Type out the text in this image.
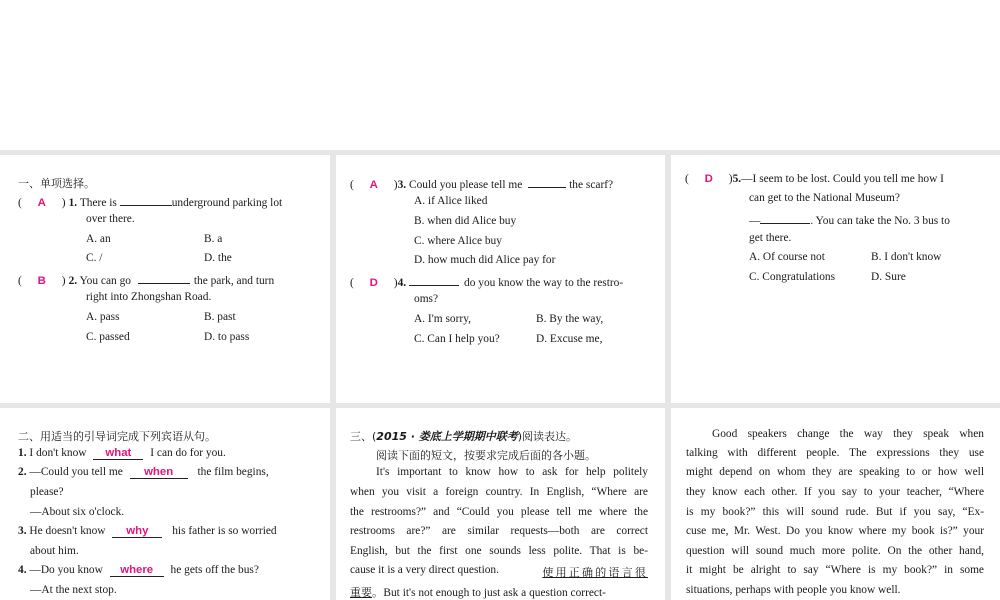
一、单项选择。
( A ) 1. There is	underground parking lot
over there.
A. an	B. a
C. /	D. the
( B ) 2. You can go	the park, and turn
right into Zhongshan Road.
A. pass	B. past
C. passed	D. to pass
( A )3. Could you please tell me	the scarf?
A. if Alice liked
B. when did Alice buy
C. where Alice buy
D. how much did Alice pay for
( D )4.	do you know the way to the restro-
oms?
A. I'm sorry,	B. By the way,
C. Can I help you?	D. Excuse me,
( D )5.—I seem to be lost. Could you tell me how I
can get to the National Museum?
—	. You can take the No. 3 bus to
get there.
A. Of course not	B. I don't know
C. Congratulations	D. Sure
二、用适当的引导词完成下列宾语从句。
1. I don't know what I can do for you.
2. —Could you tell me when the film begins,
please?
—About six o'clock.
3. He doesn't know why his father is so worried
about him.
4. —Do you know where he gets off the bus?
—At the next stop.
三、(2015 · 娄底上学期期中联考)阅读表达。
阅读下面的短文，按要求完成后面的各小题。
It's important to know how to ask for help politely
when you visit a foreign country. In English, “Where are
the restrooms?” and “Could you please tell me where the
restrooms are?” are similar requests—both are correct
English, but the first one sounds less polite. That is be-
cause it is a very direct question.	使用正确的语言很
重要。But it's not enough to just ask a question correct-
Good speakers change the way they speak when
talking with different people. The expressions they use
might depend on whom they are speaking to or how well
they know each other. If you say to your teacher, “Where
is my book?” this will sound rude. But if you say, “Ex-
cuse me, Mr. West. Do you know where my book is?” your
question will sound much more polite. On the other hand,
it might be alright to say “Where is my book?” in some
situations, perhaps with people you know well.
